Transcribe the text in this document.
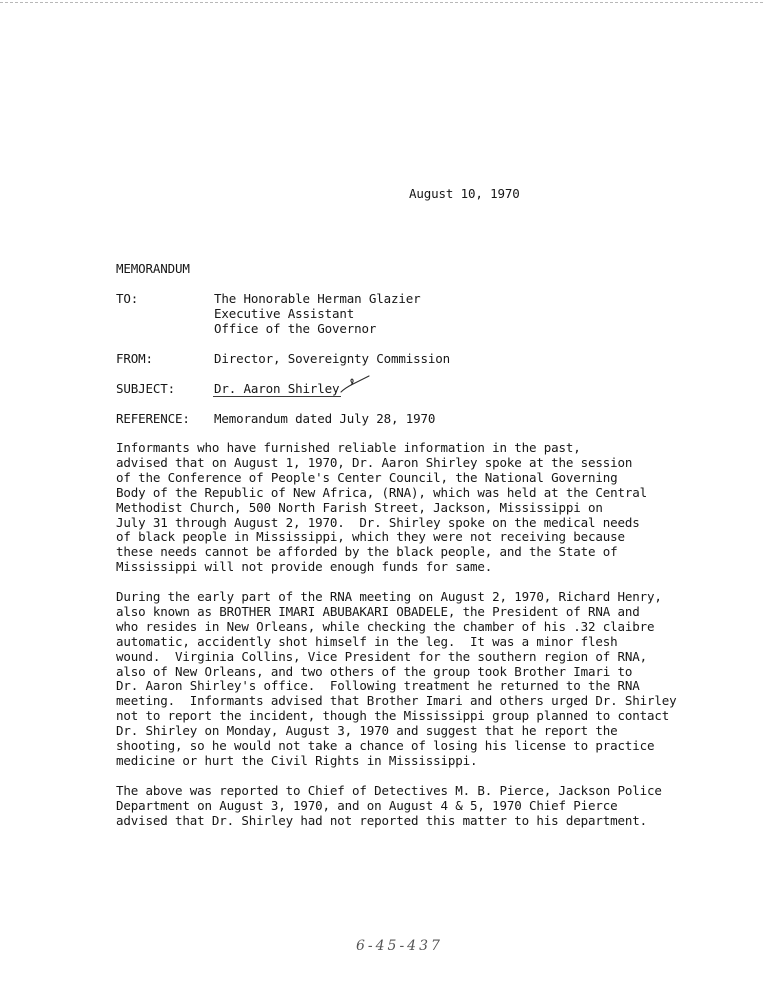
August 10, 1970
MEMORANDUM
TO:	The Honorable Herman Glazier
Executive Assistant
Office of the Governor
FROM:	Director, Sovereignty Commission
SUBJECT:	Dr. Aaron Shirley
REFERENCE: Memorandum dated July 28, 1970
Informants who have furnished reliable information in the past,
advised that on August 1, 1970, Dr. Aaron Shirley spoke at the session
of the Conference of People's Center Council, the National Governing
Body of the Republic of New Africa, (RNA), which was held at the Central
Methodist Church, 500 North Farish Street, Jackson, Mississippi on
July 31 through August 2, 1970.  Dr. Shirley spoke on the medical needs
of black people in Mississippi, which they were not receiving because
these needs cannot be afforded by the black people, and the State of
Mississippi will not provide enough funds for same.
During the early part of the RNA meeting on August 2, 1970, Richard Henry,
also known as BROTHER IMARI ABUBAKARI OBADELE, the President of RNA and
who resides in New Orleans, while checking the chamber of his .32 claibre
automatic, accidently shot himself in the leg.  It was a minor flesh
wound.  Virginia Collins, Vice President for the southern region of RNA,
also of New Orleans, and two others of the group took Brother Imari to
Dr. Aaron Shirley's office.  Following treatment he returned to the RNA
meeting.  Informants advised that Brother Imari and others urged Dr. Shirley
not to report the incident, though the Mississippi group planned to contact
Dr. Shirley on Monday, August 3, 1970 and suggest that he report the
shooting, so he would not take a chance of losing his license to practice
medicine or hurt the Civil Rights in Mississippi.
The above was reported to Chief of Detectives M. B. Pierce, Jackson Police
Department on August 3, 1970, and on August 4 & 5, 1970 Chief Pierce
advised that Dr. Shirley had not reported this matter to his department.
6-45-437
